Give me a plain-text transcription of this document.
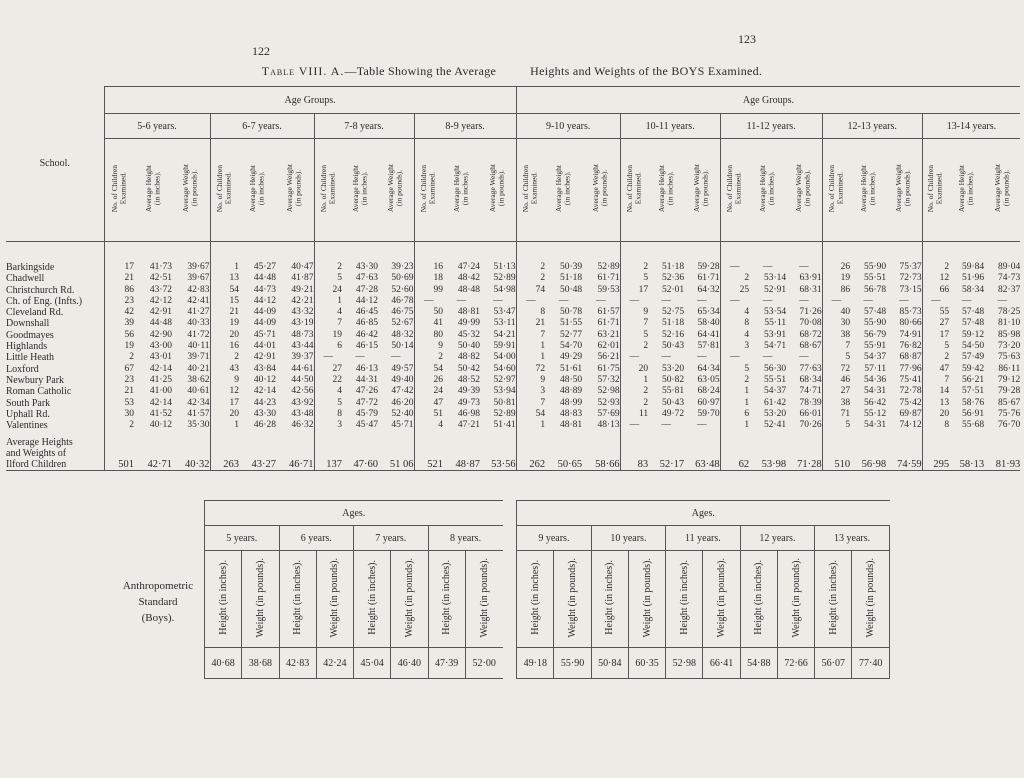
122
123
Table VIII. A.—Table Showing the Average	Heights and Weights of the BOYS Examined.
School.	Age Groups.												Age Groups.														
	5-6 years.			6-7 years.			7-8 years.			8-9 years.			9-10 years.			10-11 years.			11-12 years.			12-13 years.			13-14 years.		
	No. of Children
Examined.	Average Height
(in inches).	Average Weight
(in pounds).	No. of Children
Examined.	Average Height
(in inches).	Average Weight
(in pounds).	No. of Children
Examined.	Average Height
(in inches).	Average Weight
(in pounds).	No. of Children
Examined.	Average Height
(in inches).	Average Weight
(in pounds).	No. of Children
Examined.	Average Height
(in inches).	Average Weight
(in pounds).	No. of Children
Examined.	Average Height
(in inches).	Average Weight
(in pounds).	No. of Children
Examined.	Average Height
(in inches).	Average Weight
(in pounds).	No. of Children
Examined.	Average Height
(in inches).	Average Weight
(in pounds).	No. of Children
Examined.	Average Height
(in inches).	Average Weight
(in pounds).

Barkingside	17	41·73	39·67	1	45·27	40·47	2	43·30	39·23	16	47·24	51·13	2	50·39	52·89	2	51·18	59·28	—	—	—	26	55·90	75·37	2	59·84	89·04
Chadwell	21	42·51	39·67	13	44·48	41·87	5	47·63	50·69	18	48·42	52·89	2	51·18	61·71	5	52·36	61·71	2	53·14	63·91	19	55·51	72·73	12	51·96	74·73
Christchurch Rd.	86	43·72	42·83	54	44·73	49·21	24	47·28	52·60	99	48·48	54·98	74	50·48	59·53	17	52·01	64·32	25	52·91	68·31	86	56·78	73·15	66	58·34	82·37
Ch. of Eng. (Infts.)	23	42·12	42·41	15	44·12	42·21	1	44·12	46·78	—	—	—	—	—	—	—	—	—	—	—	—	—	—	—	—	—	—
Cleveland Rd.	42	42·91	41·27	21	44·09	43·32	4	46·45	46·75	50	48·81	53·47	8	50·78	61·57	9	52·75	65·34	4	53·54	71·26	40	57·48	85·73	55	57·48	78·25
Downshall	39	44·48	40·33	19	44·09	43·19	7	46·85	52·67	41	49·99	53·11	21	51·55	61·71	7	51·18	58·40	8	55·11	70·08	30	55·90	80·66	27	57·48	81·10
Goodmayes	56	42·90	41·72	20	45·71	48·73	19	46·42	48·32	80	45·32	54·21	7	52·77	63·21	5	52·16	64·41	4	53·91	68·72	38	56·79	74·91	17	59·12	85·98
Highlands	19	43·00	40·11	16	44·01	43·44	6	46·15	50·14	9	50·40	59·91	1	54·70	62·01	2	50·43	57·81	3	54·71	68·67	7	55·91	76·82	5	54·50	73·20
Little Heath	2	43·01	39·71	2	42·91	39·37	—	—	—	2	48·82	54·00	1	49·29	56·21	—	—	—	—	—	—	5	54·37	68·87	2	57·49	75·63
Loxford	67	42·14	40·21	43	43·84	44·61	27	46·13	49·57	54	50·42	54·60	72	51·61	61·75	20	53·20	64·34	5	56·30	77·63	72	57·11	77·96	47	59·42	86·11
Newbury Park	23	41·25	38·62	9	40·12	44·50	22	44·31	49·40	26	48·52	52·97	9	48·50	57·32	1	50·82	63·05	2	55·51	68·34	46	54·36	75·41	7	56·21	79·12
Roman Catholic	21	41·00	40·61	12	42·14	42·56	4	47·26	47·42	24	49·39	53·94	3	48·89	52·98	2	55·81	68·24	1	54·37	74·71	27	54·31	72·78	14	57·51	79·28
South Park	53	42·14	42·34	17	44·23	43·92	5	47·72	46·20	47	49·73	50·81	7	48·99	52·93	2	50·43	60·97	1	61·42	78·39	38	56·42	75·42	13	58·76	85·67
Uphall Rd.	30	41·52	41·57	20	43·30	43·48	8	45·79	52·40	51	46·98	52·89	54	48·83	57·69	11	49·72	59·70	6	53·20	66·01	71	55·12	69·87	20	56·91	75·76
Valentines	2	40·12	35·30	1	46·28	46·32	3	45·47	45·71	4	47·21	51·41	1	48·81	48·13	—	—	—	1	52·41	70·26	5	54·31	74·12	8	55·68	76·70

Average Heights
and Weights of
Ilford Children	501	42·71	40·32	263	43·27	46·71	137	47·60	51 06	521	48·87	53·56	262	50·65	58·66	83	52·17	63·48	62	53·98	71·28	510	56·98	74·59	295	58·13	81·93
Anthropometric
Standard
(Boys).
Ages.									Ages.									
5 years.		6 years.		7 years.		8 years.			9 years.		10 years.		11 years.		12 years.		13 years.	
Height (in inches).	Weight (in pounds).	Height (in inches).	Weight (in pounds).	Height (in inches).	Weight (in pounds).	Height (in inches).	Weight (in pounds).		Height (in inches).	Weight (in pounds).	Height (in inches).	Weight (in pounds).	Height (in inches).	Weight (in pounds).	Height (in inches).	Weight (in pounds).	Height (in inches).	Weight (in pounds).
40·68	38·68	42·83	42·24	45·04	46·40	47·39	52·00		49·18	55·90	50·84	60·35	52·98	66·41	54·88	72·66	56·07	77·40
